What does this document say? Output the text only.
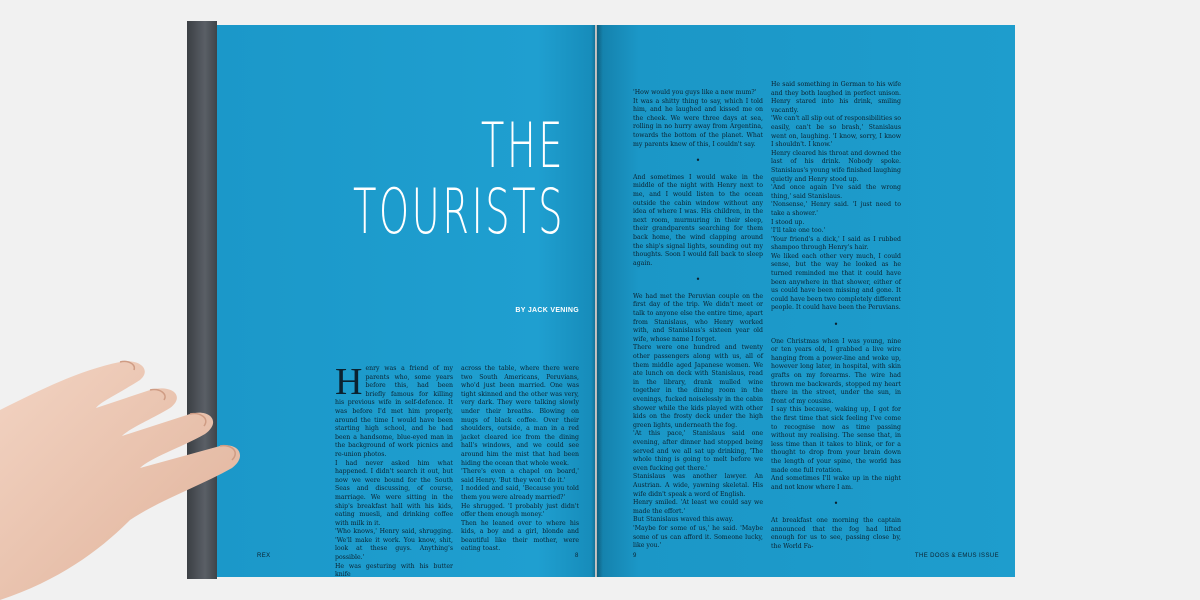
THE
TOURISTS
BY JACK VENING
H enry was a friend of my parents who, some years before this, had been briefly famous for killing his previous wife in self-defence. It was before I'd met him properly, around the time I would have been starting high school, and he had been a handsome, blue-eyed man in the background of work picnics and re-union photos.

I had never asked him what happened. I didn't search it out, but now we were bound for the South Seas and discussing, of course, marriage. We were sitting in the ship's breakfast hall with his kids, eating muesli, and drinking coffee with milk in it.

'Who knows,' Henry said, shrugging. 'We'll make it work. You know, shit, look at these guys. Anything's possible.'

He was gesturing with his butter knife

across the table, where there were two South Americans, Peruvians, who'd just been married. One was tight skinned and the other was very, very dark. They were talking slowly under their breaths. Blowing on mugs of black coffee. Over their shoulders, outside, a man in a red jacket cleared ice from the dining hall's windows, and we could see around him the mist that had been hiding the ocean that whole week.

'There's even a chapel on board,' said Henry. 'But they won't do it.'

I nodded and said, 'Because you told them you were already married?'

He shrugged. 'I probably just didn't offer them enough money.'

Then he leaned over to where his kids, a boy and a girl, blonde and beautiful like their mother, were eating toast.

REX	8

'How would you guys like a new mum?'

It was a shitty thing to say, which I told him, and he laughed and kissed me on the cheek. We were three days at sea, rolling in no hurry away from Argentina, towards the bottom of the planet. What my parents knew of this, I couldn't say.

•

And sometimes I would wake in the middle of the night with Henry next to me, and I would listen to the ocean outside the cabin window without any idea of where I was. His children, in the next room, murmuring in their sleep, their grandparents searching for them back home, the wind clapping around the ship's signal lights, sounding out my thoughts. Soon I would fall back to sleep again.

•

We had met the Peruvian couple on the first day of the trip. We didn't meet or talk to anyone else the entire time, apart from Stanislaus, who Henry worked with, and Stanislaus's sixteen year old wife, whose name I forget.

There were one hundred and twenty other passengers along with us, all of them middle aged Japanese women. We ate lunch on deck with Stanislaus, read in the library, drank mulled wine together in the dining room in the evenings, fucked noiselessly in the cabin shower while the kids played with other kids on the frosty deck under the high green lights, underneath the fog.

'At this pace,' Stanislaus said one evening, after dinner had stopped being served and we all sat up drinking, 'The whole thing is going to melt before we even fucking get there.'

Stanislaus was another lawyer. An Austrian. A wide, yawning skeletal. His wife didn't speak a word of English.

Henry smiled. 'At least we could say we made the effort.'

But Stanislaus waved this away.

'Maybe for some of us,' he said. 'Maybe some of us can afford it. Someone lucky, like you.'

He said something in German to his wife and they both laughed in perfect unison. Henry stared into his drink, smiling vacantly.

'We can't all slip out of responsibilities so easily, can't be so brash,' Stanislaus went on, laughing. 'I know, sorry, I know I shouldn't. I know.'

Henry cleared his throat and downed the last of his drink. Nobody spoke. Stanislaus's young wife finished laughing quietly and Henry stood up.

'And once again I've said the wrong thing,' said Stanislaus.

'Nonsense,' Henry said. 'I just need to take a shower.'

I stood up.

'I'll take one too.'

'Your friend's a dick,' I said as I rubbed shampoo through Henry's hair.

We liked each other very much, I could sense, but the way he looked as he turned reminded me that it could have been anywhere in that shower, either of us could have been missing and gone. It could have been two completely different people. It could have been the Peruvians.

•

One Christmas when I was young, nine or ten years old, I grabbed a live wire hanging from a power-line and woke up, however long later, in hospital, with skin grafts on my forearms. The wire had thrown me backwards, stopped my heart there in the street, under the sun, in front of my cousins.

I say this because, waking up, I got for the first time that sick feeling I've come to recognise now as time passing without my realising. The sense that, in less time than it takes to blink, or for a thought to drop from your brain down the length of your spine, the world has made one full rotation.

And sometimes I'll wake up in the night and not know where I am.

•

At breakfast one morning the captain announced that the fog had lifted enough for us to see, passing close by, the World Fa-

9	THE DOGS & EMUS ISSUE
